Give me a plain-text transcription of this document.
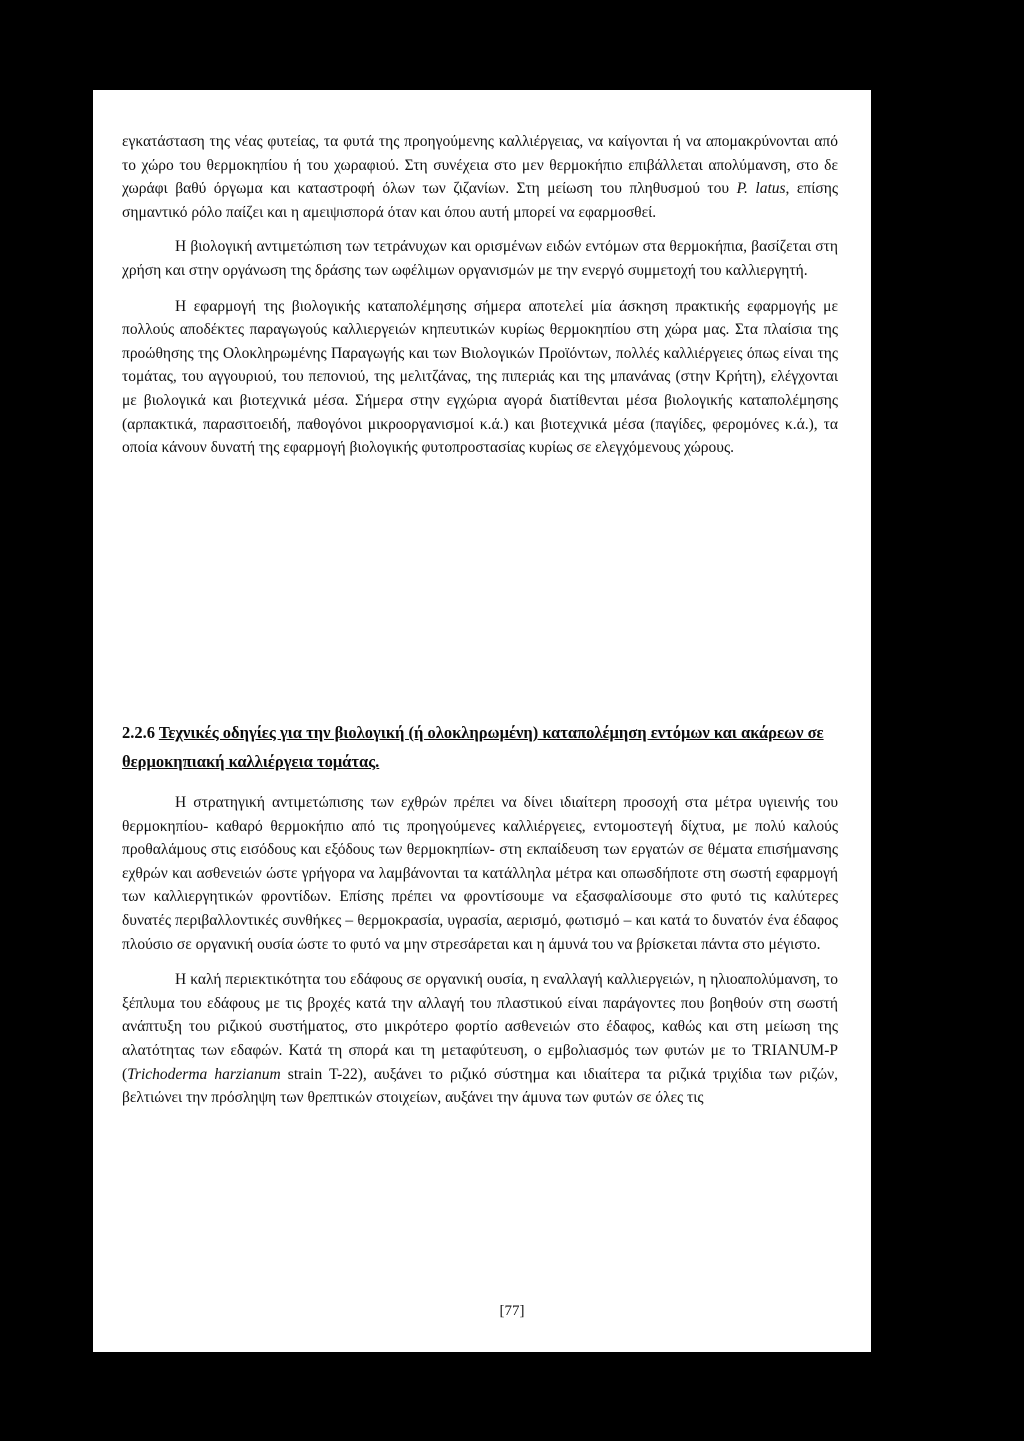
εγκατάσταση της νέας φυτείας, τα φυτά της προηγούμενης καλλιέργειας, να καίγονται ή να απομακρύνονται από το χώρο του θερμοκηπίου ή του χωραφιού. Στη συνέχεια στο μεν θερμοκήπιο επιβάλλεται απολύμανση, στο δε χωράφι βαθύ όργωμα και καταστροφή όλων των ζιζανίων. Στη μείωση του πληθυσμού του P. latus, επίσης σημαντικό ρόλο παίζει και η αμειψισπορά όταν και όπου αυτή μπορεί να εφαρμοσθεί.

Η βιολογική αντιμετώπιση των τετράνυχων και ορισμένων ειδών εντόμων στα θερμοκήπια, βασίζεται στη χρήση και στην οργάνωση της δράσης των ωφέλιμων οργανισμών με την ενεργό συμμετοχή του καλλιεργητή.

Η εφαρμογή της βιολογικής καταπολέμησης σήμερα αποτελεί μία άσκηση πρακτικής εφαρμογής με πολλούς αποδέκτες παραγωγούς καλλιεργειών κηπευτικών κυρίως θερμοκηπίου στη χώρα μας. Στα πλαίσια της προώθησης της Ολοκληρωμένης Παραγωγής και των Βιολογικών Προϊόντων, πολλές καλλιέργειες όπως είναι της τομάτας, του αγγουριού, του πεπονιού, της μελιτζάνας, της πιπεριάς και της μπανάνας (στην Κρήτη), ελέγχονται με βιολογικά και βιοτεχνικά μέσα. Σήμερα στην εγχώρια αγορά διατίθενται μέσα βιολογικής καταπολέμησης (αρπακτικά, παρασιτοειδή, παθογόνοι μικροοργανισμοί κ.ά.) και βιοτεχνικά μέσα (παγίδες, φερομόνες κ.ά.), τα οποία κάνουν δυνατή της εφαρμογή βιολογικής φυτοπροστασίας κυρίως σε ελεγχόμενους χώρους.

2.2.6 Τεχνικές οδηγίες για την βιολογική (ή ολοκληρωμένη) καταπολέμηση εντόμων και ακάρεων σε θερμοκηπιακή καλλιέργεια τομάτας.

Η στρατηγική αντιμετώπισης των εχθρών πρέπει να δίνει ιδιαίτερη προσοχή στα μέτρα υγιεινής του θερμοκηπίου- καθαρό θερμοκήπιο από τις προηγούμενες καλλιέργειες, εντομοστεγή δίχτυα, με πολύ καλούς προθαλάμους στις εισόδους και εξόδους των θερμοκηπίων- στη εκπαίδευση των εργατών σε θέματα επισήμανσης εχθρών και ασθενειών ώστε γρήγορα να λαμβάνονται τα κατάλληλα μέτρα και οπωσδήποτε στη σωστή εφαρμογή των καλλιεργητικών φροντίδων. Επίσης πρέπει να φροντίσουμε να εξασφαλίσουμε στο φυτό τις καλύτερες δυνατές περιβαλλοντικές συνθήκες – θερμοκρασία, υγρασία, αερισμό, φωτισμό – και κατά το δυνατόν ένα έδαφος πλούσιο σε οργανική ουσία ώστε το φυτό να μην στρεσάρεται και η άμυνά του να βρίσκεται πάντα στο μέγιστο.

Η καλή περιεκτικότητα του εδάφους σε οργανική ουσία, η εναλλαγή καλλιεργειών, η ηλιοαπολύμανση, το ξέπλυμα του εδάφους με τις βροχές κατά την αλλαγή του πλαστικού είναι παράγοντες που βοηθούν στη σωστή ανάπτυξη του ριζικού συστήματος, στο μικρότερο φορτίο ασθενειών στο έδαφος, καθώς και στη μείωση της αλατότητας των εδαφών. Κατά τη σπορά και τη μεταφύτευση, ο εμβολιασμός των φυτών με το TRIANUM-P (Trichoderma harzianum strain T-22), αυξάνει το ριζικό σύστημα και ιδιαίτερα τα ριζικά τριχίδια των ριζών, βελτιώνει την πρόσληψη των θρεπτικών στοιχείων, αυξάνει την άμυνα των φυτών σε όλες τις

[77]
